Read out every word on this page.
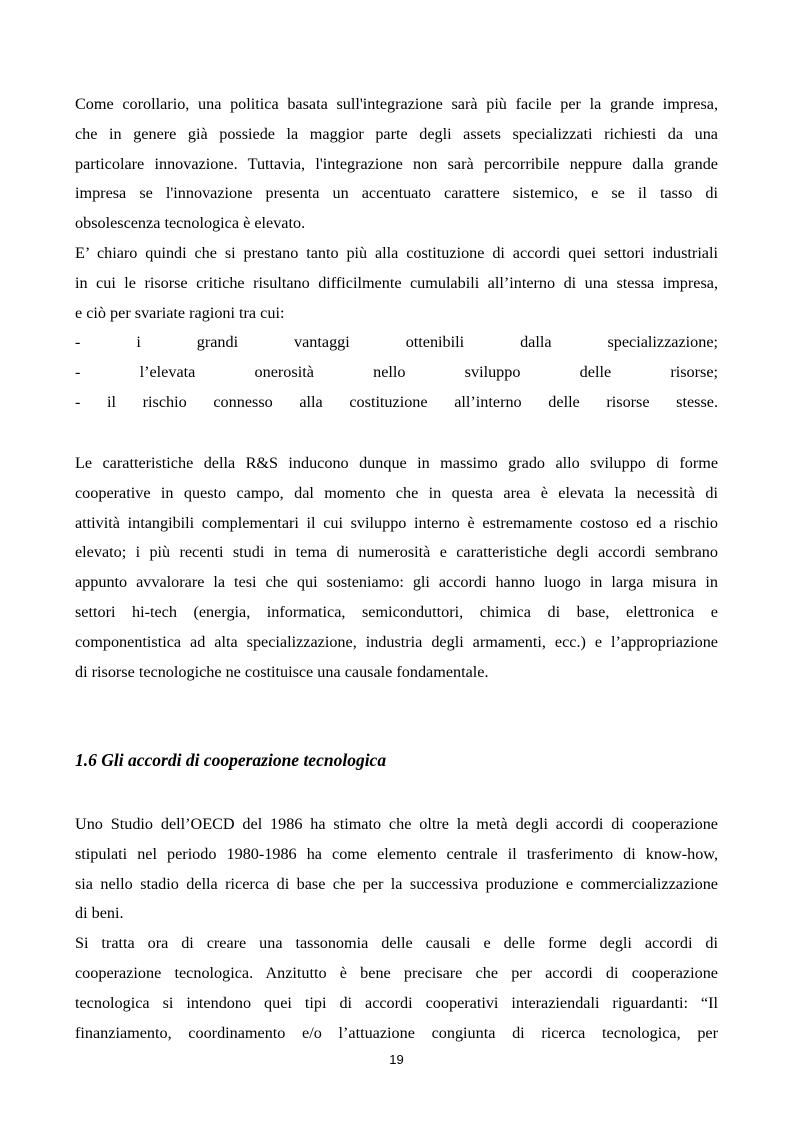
Come corollario, una politica basata sull'integrazione sarà più facile per la grande impresa,

che in genere già possiede la maggior parte degli assets specializzati richiesti da una

particolare innovazione. Tuttavia, l'integrazione non sarà percorribile neppure dalla grande

impresa se l'innovazione presenta un accentuato carattere sistemico, e se il tasso di

obsolescenza tecnologica è elevato.

E’ chiaro quindi che si prestano tanto più alla costituzione di accordi quei settori industriali

in cui le risorse critiche risultano difficilmente cumulabili all’interno di una stessa impresa,

e ciò per svariate ragioni tra cui:

- i grandi vantaggi ottenibili dalla specializzazione;

- l’elevata onerosità nello sviluppo delle risorse;

- il rischio connesso alla costituzione all’interno delle risorse stesse.

Le caratteristiche della R&S inducono dunque in massimo grado allo sviluppo di forme

cooperative in questo campo, dal momento che in questa area è elevata la necessità di

attività intangibili complementari il cui sviluppo interno è estremamente costoso ed a rischio

elevato; i più recenti studi in tema di numerosità e caratteristiche degli accordi sembrano

appunto avvalorare la tesi che qui sosteniamo: gli accordi hanno luogo in larga misura in

settori hi-tech (energia, informatica, semiconduttori, chimica di base, elettronica e

componentistica ad alta specializzazione, industria degli armamenti, ecc.) e l’appropriazione

di risorse tecnologiche ne costituisce una causale fondamentale.

1.6 Gli accordi di cooperazione tecnologica

Uno Studio dell’OECD del 1986 ha stimato che oltre la metà degli accordi di cooperazione

stipulati nel periodo 1980-1986 ha come elemento centrale il trasferimento di know-how,

sia nello stadio della ricerca di base che per la successiva produzione e commercializzazione

di beni.

Si tratta ora di creare una tassonomia delle causali e delle forme degli accordi di

cooperazione tecnologica. Anzitutto è bene precisare che per accordi di cooperazione

tecnologica si intendono quei tipi di accordi cooperativi interaziendali riguardanti: “Il

finanziamento, coordinamento e/o l’attuazione congiunta di ricerca tecnologica, per

19
